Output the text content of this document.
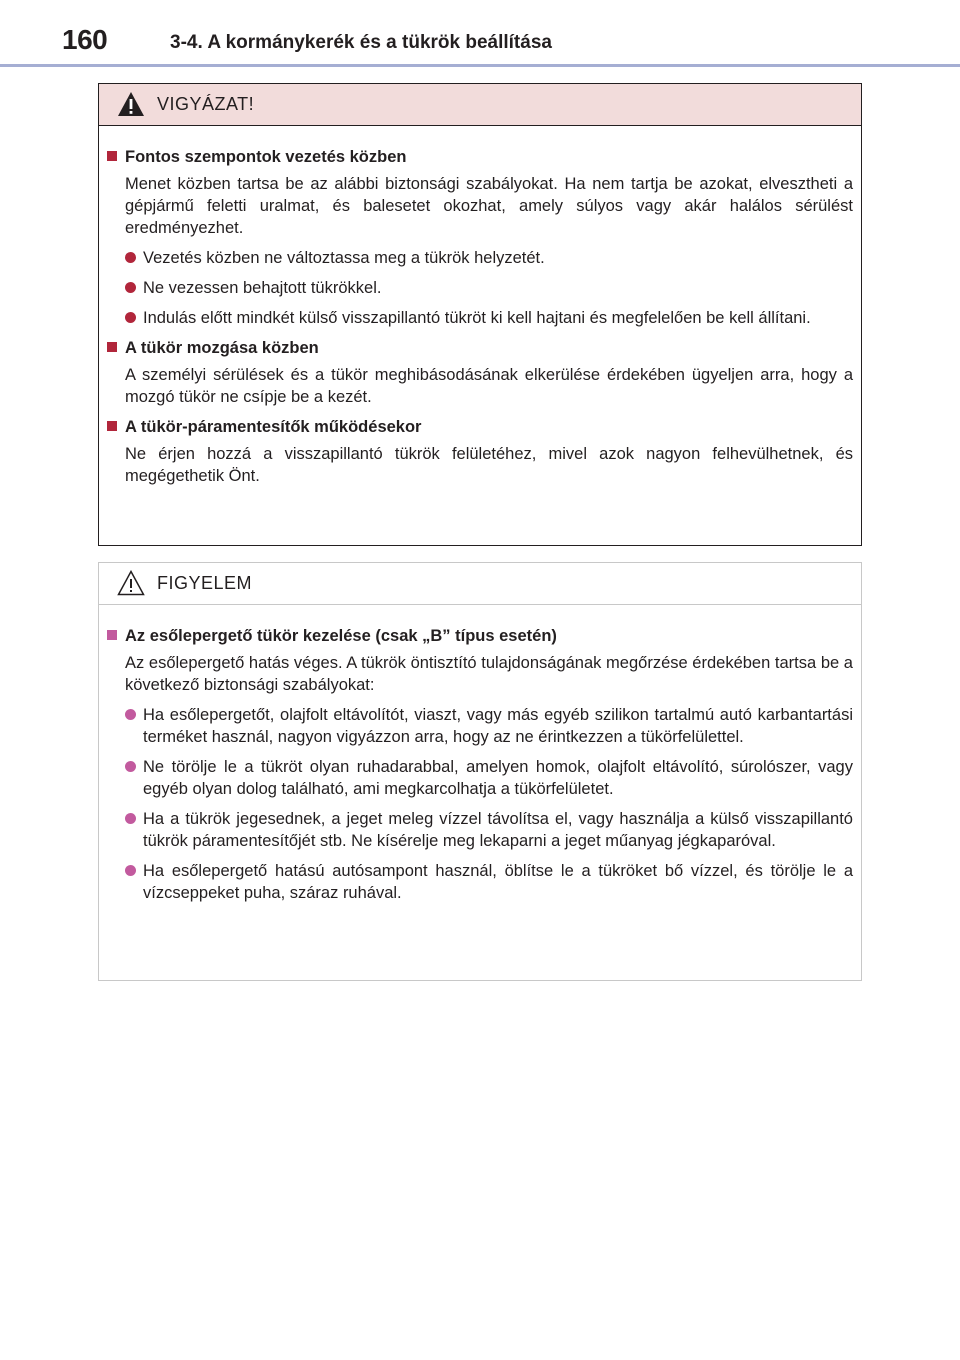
160	3-4. A kormánykerék és a tükrök beállítása
VIGYÁZAT!
Fontos szempontok vezetés közben
Menet közben tartsa be az alábbi biztonsági szabályokat. Ha nem tartja be azokat, elvesztheti a gépjármű feletti uralmat, és balesetet okozhat, amely súlyos vagy akár halálos sérülést eredményezhet.
Vezetés közben ne változtassa meg a tükrök helyzetét.
Ne vezessen behajtott tükrökkel.
Indulás előtt mindkét külső visszapillantó tükröt ki kell hajtani és megfelelően be kell állítani.
A tükör mozgása közben
A személyi sérülések és a tükör meghibásodásának elkerülése érdekében ügyeljen arra, hogy a mozgó tükör ne csípje be a kezét.
A tükör-páramentesítők működésekor
Ne érjen hozzá a visszapillantó tükrök felületéhez, mivel azok nagyon felhevülhetnek, és megégethetik Önt.
FIGYELEM
Az esőlepergető tükör kezelése (csak „B” típus esetén)
Az esőlepergető hatás véges. A tükrök öntisztító tulajdonságának megőrzése érdekében tartsa be a következő biztonsági szabályokat:
Ha esőlepergetőt, olajfolt eltávolítót, viaszt, vagy más egyéb szilikon tartalmú autó karbantartási terméket használ, nagyon vigyázzon arra, hogy az ne érintkezzen a tükörfelülettel.
Ne törölje le a tükröt olyan ruhadarabbal, amelyen homok, olajfolt eltávolító, súrolószer, vagy egyéb olyan dolog található, ami megkarcolhatja a tükörfelületet.
Ha a tükrök jegesednek, a jeget meleg vízzel távolítsa el, vagy használja a külső visszapillantó tükrök páramentesítőjét stb. Ne kísérelje meg lekaparni a jeget műanyag jégkaparóval.
Ha esőlepergető hatású autósampont használ, öblítse le a tükröket bő vízzel, és törölje le a vízcseppeket puha, száraz ruhával.
